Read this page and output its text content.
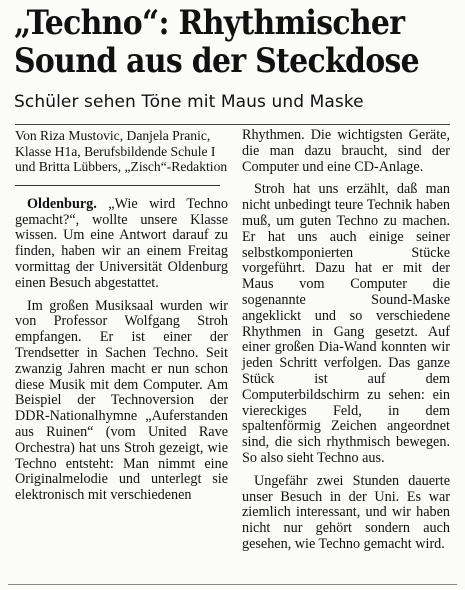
„Techno“: Rhythmischer
Sound aus der Steckdose
Schüler sehen Töne mit Maus und Maske

Von Riza Mustovic, Danjela Pranic, Klasse H1a, Berufsbildende Schule I und Britta Lübbers, „Zisch“-Redaktion

Oldenburg. „Wie wird Techno gemacht?“, wollte unsere Klasse wissen. Um eine Antwort darauf zu finden, haben wir an einem Freitag vormittag der Universität Oldenburg einen Besuch abgestattet.

Im großen Musiksaal wurden wir von Professor Wolfgang Stroh empfangen. Er ist einer der Trendsetter in Sachen Techno. Seit zwanzig Jahren macht er nun schon diese Musik mit dem Computer. Am Beispiel der Technoversion der DDR-Nationalhymne „Auferstanden aus Ruinen“ (vom United Rave Orchestra) hat uns Stroh gezeigt, wie Techno entsteht: Man nimmt eine Originalmelodie und unterlegt sie elektronisch mit verschiedenen

Rhythmen. Die wichtigsten Geräte, die man dazu braucht, sind der Computer und eine CD-Anlage.

Stroh hat uns erzählt, daß man nicht unbedingt teure Technik haben muß, um guten Techno zu machen. Er hat uns auch einige seiner selbstkomponierten Stücke vorgeführt. Dazu hat er mit der Maus vom Computer die sogenannte Sound-Maske angeklickt und so verschiedene Rhythmen in Gang gesetzt. Auf einer großen Dia-Wand konnten wir jeden Schritt verfolgen. Das ganze Stück ist auf dem Computerbildschirm zu sehen: ein viereckiges Feld, in dem spaltenförmig Zeichen angeordnet sind, die sich rhythmisch bewegen. So also sieht Techno aus.

Ungefähr zwei Stunden dauerte unser Besuch in der Uni. Es war ziemlich interessant, und wir haben nicht nur gehört sondern auch gesehen, wie Techno gemacht wird.
